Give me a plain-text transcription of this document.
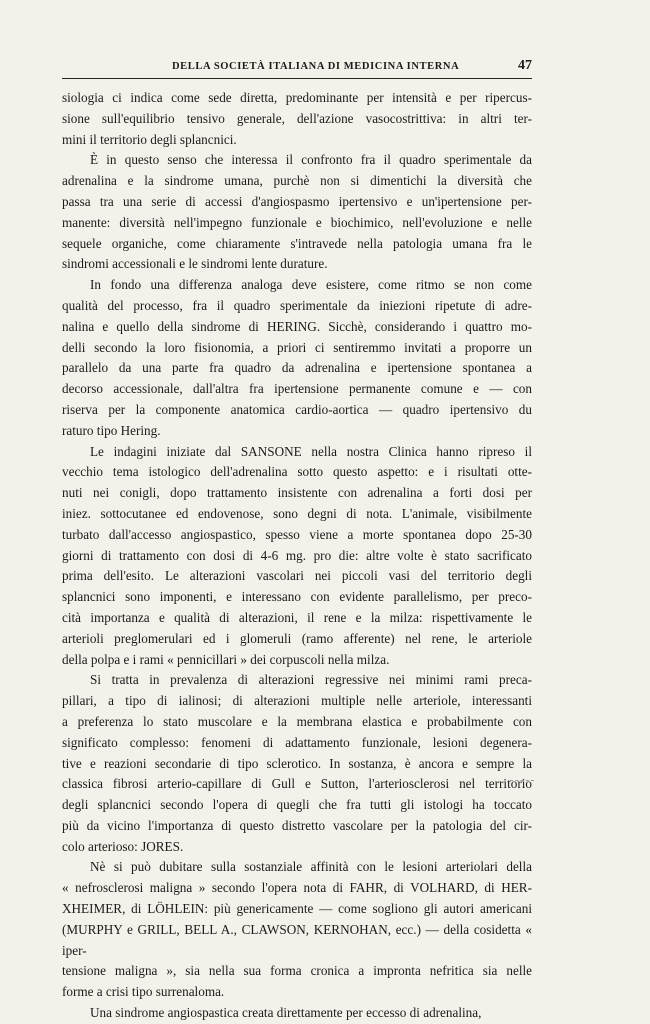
DELLA SOCIETÀ ITALIANA DI MEDICINA INTERNA	47

siologia ci indica come sede diretta, predominante per intensità e per ripercus-

sione sull'equilibrio tensivo generale, dell'azione vasocostrittiva: in altri ter-

mini il territorio degli splancnici.

È in questo senso che interessa il confronto fra il quadro sperimentale da

adrenalina e la sindrome umana, purchè non si dimentichi la diversità che

passa tra una serie di accessi d'angiospasmo ipertensivo e un'ipertensione per-

manente: diversità nell'impegno funzionale e biochimico, nell'evoluzione e nelle

sequele organiche, come chiaramente s'intravede nella patologia umana fra le

sindromi accessionali e le sindromi lente durature.

In fondo una differenza analoga deve esistere, come ritmo se non come

qualità del processo, fra il quadro sperimentale da iniezioni ripetute di adre-

nalina e quello della sindrome di HERING. Sicchè, considerando i quattro mo-

delli secondo la loro fisionomia, a priori ci sentiremmo invitati a proporre un

parallelo da una parte fra quadro da adrenalina e ipertensione spontanea a

decorso accessionale, dall'altra fra ipertensione permanente comune e — con

riserva per la componente anatomica cardio-aortica — quadro ipertensivo du

raturo tipo Hering.

Le indagini iniziate dal SANSONE nella nostra Clinica hanno ripreso il

vecchio tema istologico dell'adrenalina sotto questo aspetto: e i risultati otte-

nuti nei conigli, dopo trattamento insistente con adrenalina a forti dosi per

iniez. sottocutanee ed endovenose, sono degni di nota. L'animale, visibilmente

turbato dall'accesso angiospastico, spesso viene a morte spontanea dopo 25-30

giorni di trattamento con dosi di 4-6 mg. pro die: altre volte è stato sacrificato

prima dell'esito. Le alterazioni vascolari nei piccoli vasi del territorio degli

splancnici sono imponenti, e interessano con evidente parallelismo, per preco-

cità importanza e qualità di alterazioni, il rene e la milza: rispettivamente le

arterioli preglomerulari ed i glomeruli (ramo afferente) nel rene, le arteriole

della polpa e i rami « pennicillari » dei corpuscoli nella milza.

Si tratta in prevalenza di alterazioni regressive nei minimi rami preca-

pillari, a tipo di ialinosi; di alterazioni multiple nelle arteriole, interessanti

a preferenza lo stato muscolare e la membrana elastica e probabilmente con

significato complesso: fenomeni di adattamento funzionale, lesioni degenera-

tive e reazioni secondarie di tipo sclerotico. In sostanza, è ancora e sempre la

classica fibrosi arterio-capillare di Gull e Sutton, l'arteriosclerosi nel territorio

degli splancnici secondo l'opera di quegli che fra tutti gli istologi ha toccato

più da vicino l'importanza di questo distretto vascolare per la patologia del cir-

colo arterioso: JORES.

Nè si può dubitare sulla sostanziale affinità con le lesioni arteriolari della

« nefrosclerosi maligna » secondo l'opera nota di FAHR, di VOLHARD, di HER-

XHEIMER, di LÖHLEIN: più genericamente — come sogliono gli autori americani

(MURPHY e GRILL, BELL A., CLAWSON, KERNOHAN, ecc.) — della cosidetta « iper-

tensione maligna », sia nella sua forma cronica a impronta nefritica sia nelle

forme a crisi tipo surrenaloma.

Una sindrome angiospastica creata direttamente per eccesso di adrenalina,
